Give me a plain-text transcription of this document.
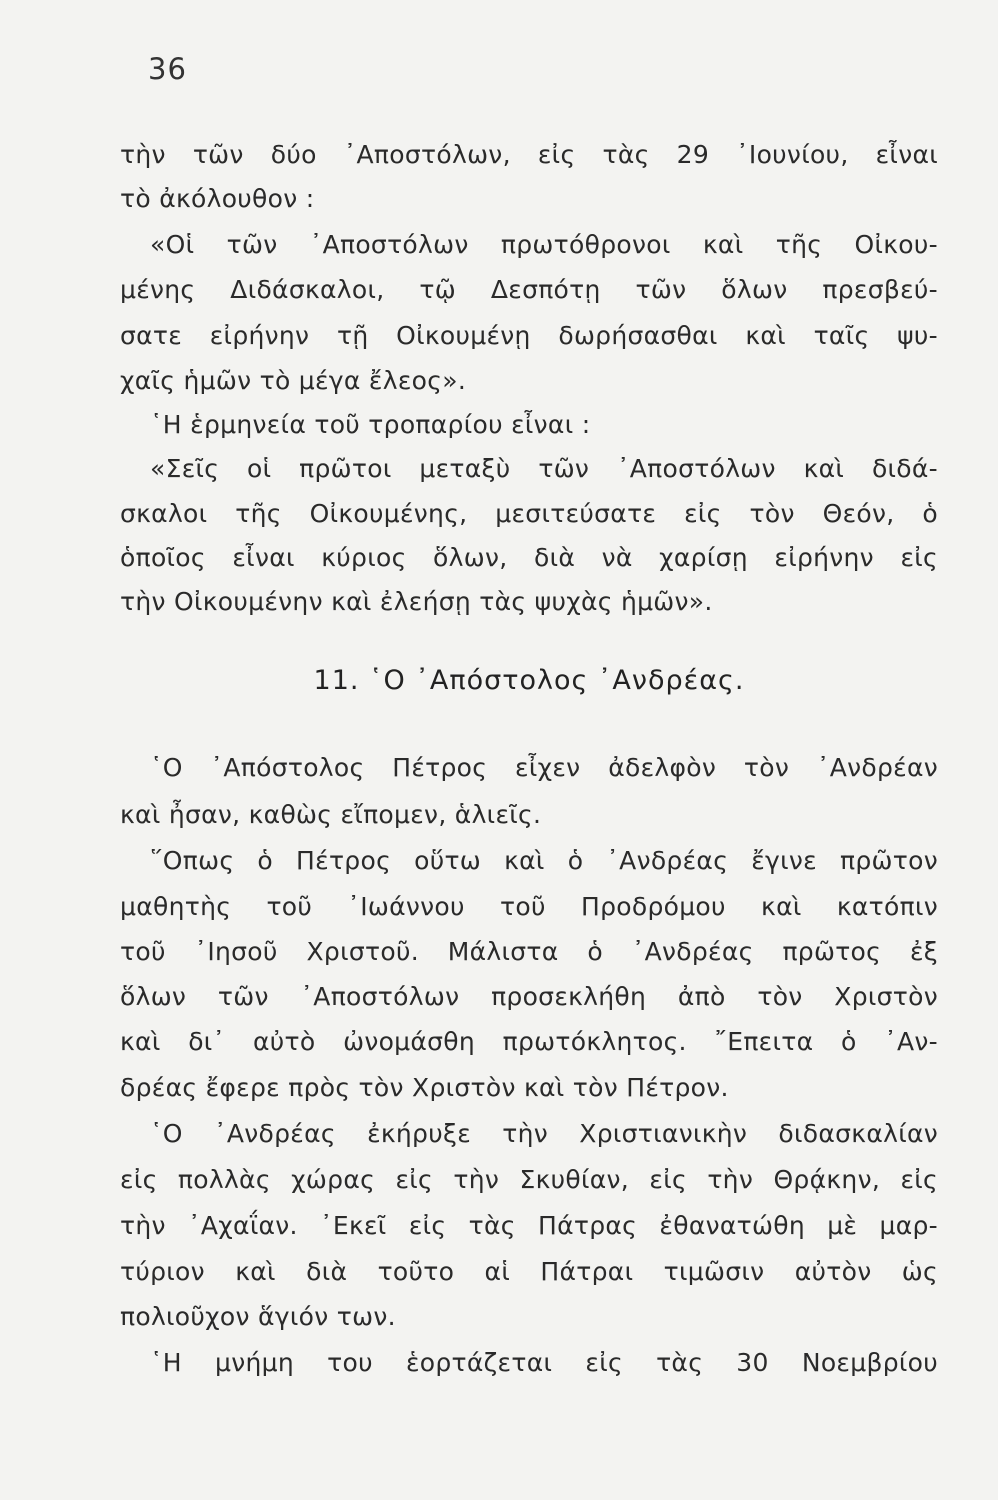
36
τὴν τῶν δύο ᾿Αποστόλων, εἰς τὰς 29 ᾿Ιουνίου, εἶναι
τὸ ἀκόλουθον :
«Οἱ τῶν ᾿Αποστόλων πρωτόθρονοι καὶ τῆς Οἰκου-
μένης Διδάσκαλοι, τῷ Δεσπότῃ τῶν ὅλων πρεσβεύ-
σατε εἰρήνην τῇ Οἰκουμένῃ δωρήσασθαι καὶ ταῖς ψυ-
χαῖς ἡμῶν τὸ μέγα ἔλεος».
῾Η ἑρμηνεία τοῦ τροπαρίου εἶναι :
«Σεῖς οἱ πρῶτοι μεταξὺ τῶν ᾿Αποστόλων καὶ διδά-
σκαλοι τῆς Οἰκουμένης, μεσιτεύσατε εἰς τὸν Θεόν, ὁ
ὁποῖος εἶναι κύριος ὅλων, διὰ νὰ χαρίσῃ εἰρήνην εἰς
τὴν Οἰκουμένην καὶ ἐλεήσῃ τὰς ψυχὰς ἡμῶν».
11. ῾Ο ᾿Απόστολος ᾿Ανδρέας.
῾Ο ᾿Απόστολος Πέτρος εἶχεν ἀδελφὸν τὸν ᾿Ανδρέαν
καὶ ἦσαν, καθὼς εἴπομεν, ἁλιεῖς.
῞Οπως ὁ Πέτρος οὕτω καὶ ὁ ᾿Ανδρέας ἔγινε πρῶτον
μαθητὴς τοῦ ᾿Ιωάννου τοῦ Προδρόμου καὶ κατόπιν
τοῦ ᾿Ιησοῦ Χριστοῦ. Μάλιστα ὁ ᾿Ανδρέας πρῶτος ἐξ
ὅλων τῶν ᾿Αποστόλων προσεκλήθη ἀπὸ τὸν Χριστὸν
καὶ δι᾿ αὐτὸ ὠνομάσθη πρωτόκλητος. ῎Επειτα ὁ ᾿Αν-
δρέας ἔφερε πρὸς τὸν Χριστὸν καὶ τὸν Πέτρον.
῾Ο ᾿Ανδρέας ἐκήρυξε τὴν Χριστιανικὴν διδασκαλίαν
εἰς πολλὰς χώρας εἰς τὴν Σκυθίαν, εἰς τὴν Θρᾴκην, εἰς
τὴν ᾿Αχαΐαν. ᾿Εκεῖ εἰς τὰς Πάτρας ἐθανατώθη μὲ μαρ-
τύριον καὶ διὰ τοῦτο αἱ Πάτραι τιμῶσιν αὐτὸν ὡς
πολιοῦχον ἅγιόν των.
῾Η μνήμη του ἑορτάζεται εἰς τὰς 30 Νοεμβρίου
